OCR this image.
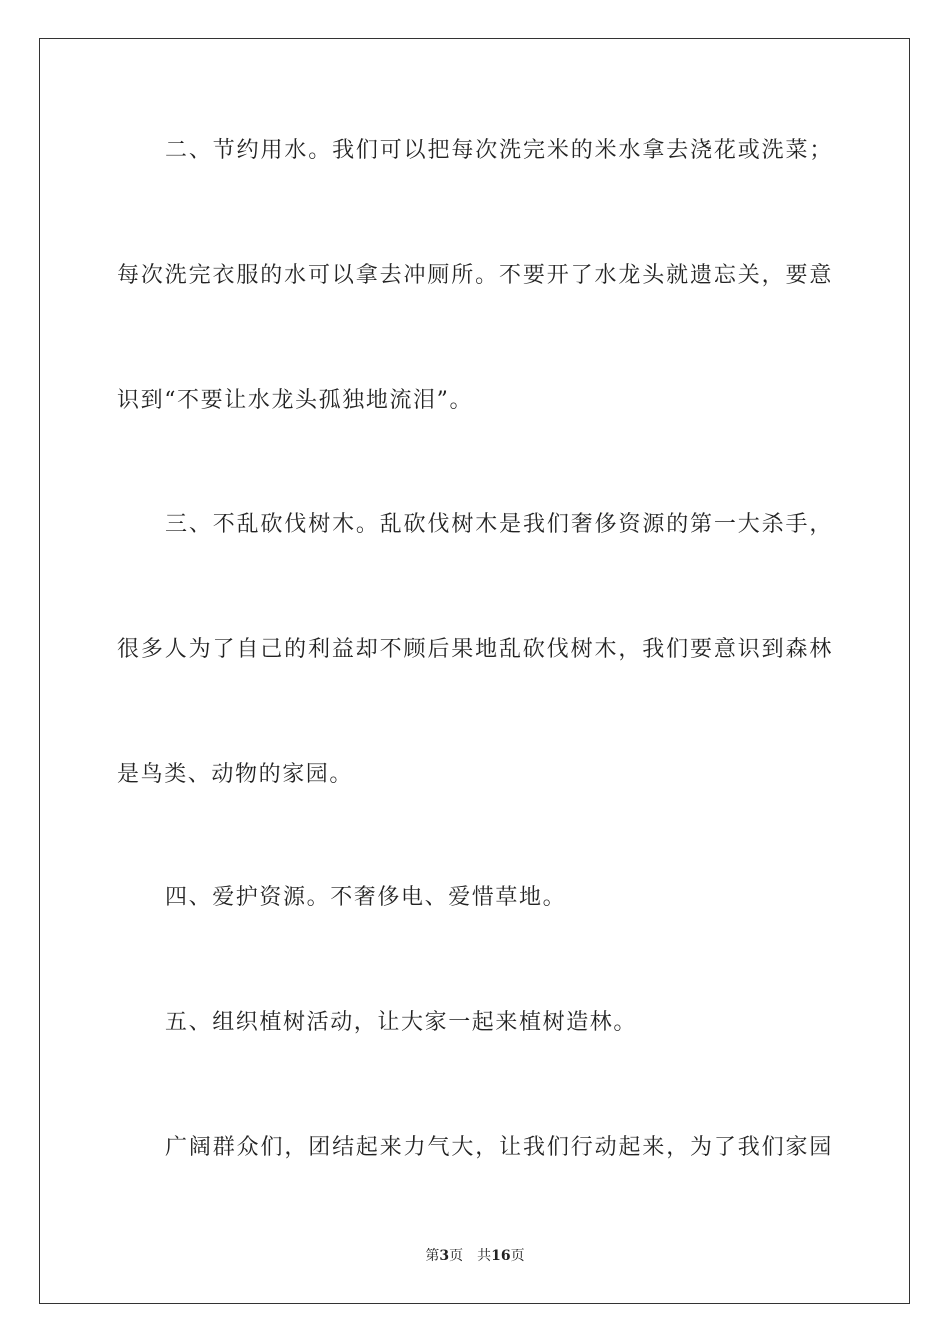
二、节约用水。我们可以把每次洗完米的米水拿去浇花或洗菜；
每次洗完衣服的水可以拿去冲厕所。不要开了水龙头就遗忘关，要意
识到“不要让水龙头孤独地流泪”。
三、不乱砍伐树木。乱砍伐树木是我们奢侈资源的第一大杀手，
很多人为了自己的利益却不顾后果地乱砍伐树木，我们要意识到森林
是鸟类、动物的家园。
四、爱护资源。不奢侈电、爱惜草地。
五、组织植树活动，让大家一起来植树造林。
广阔群众们，团结起来力气大，让我们行动起来，为了我们家园
第3页 共16页
